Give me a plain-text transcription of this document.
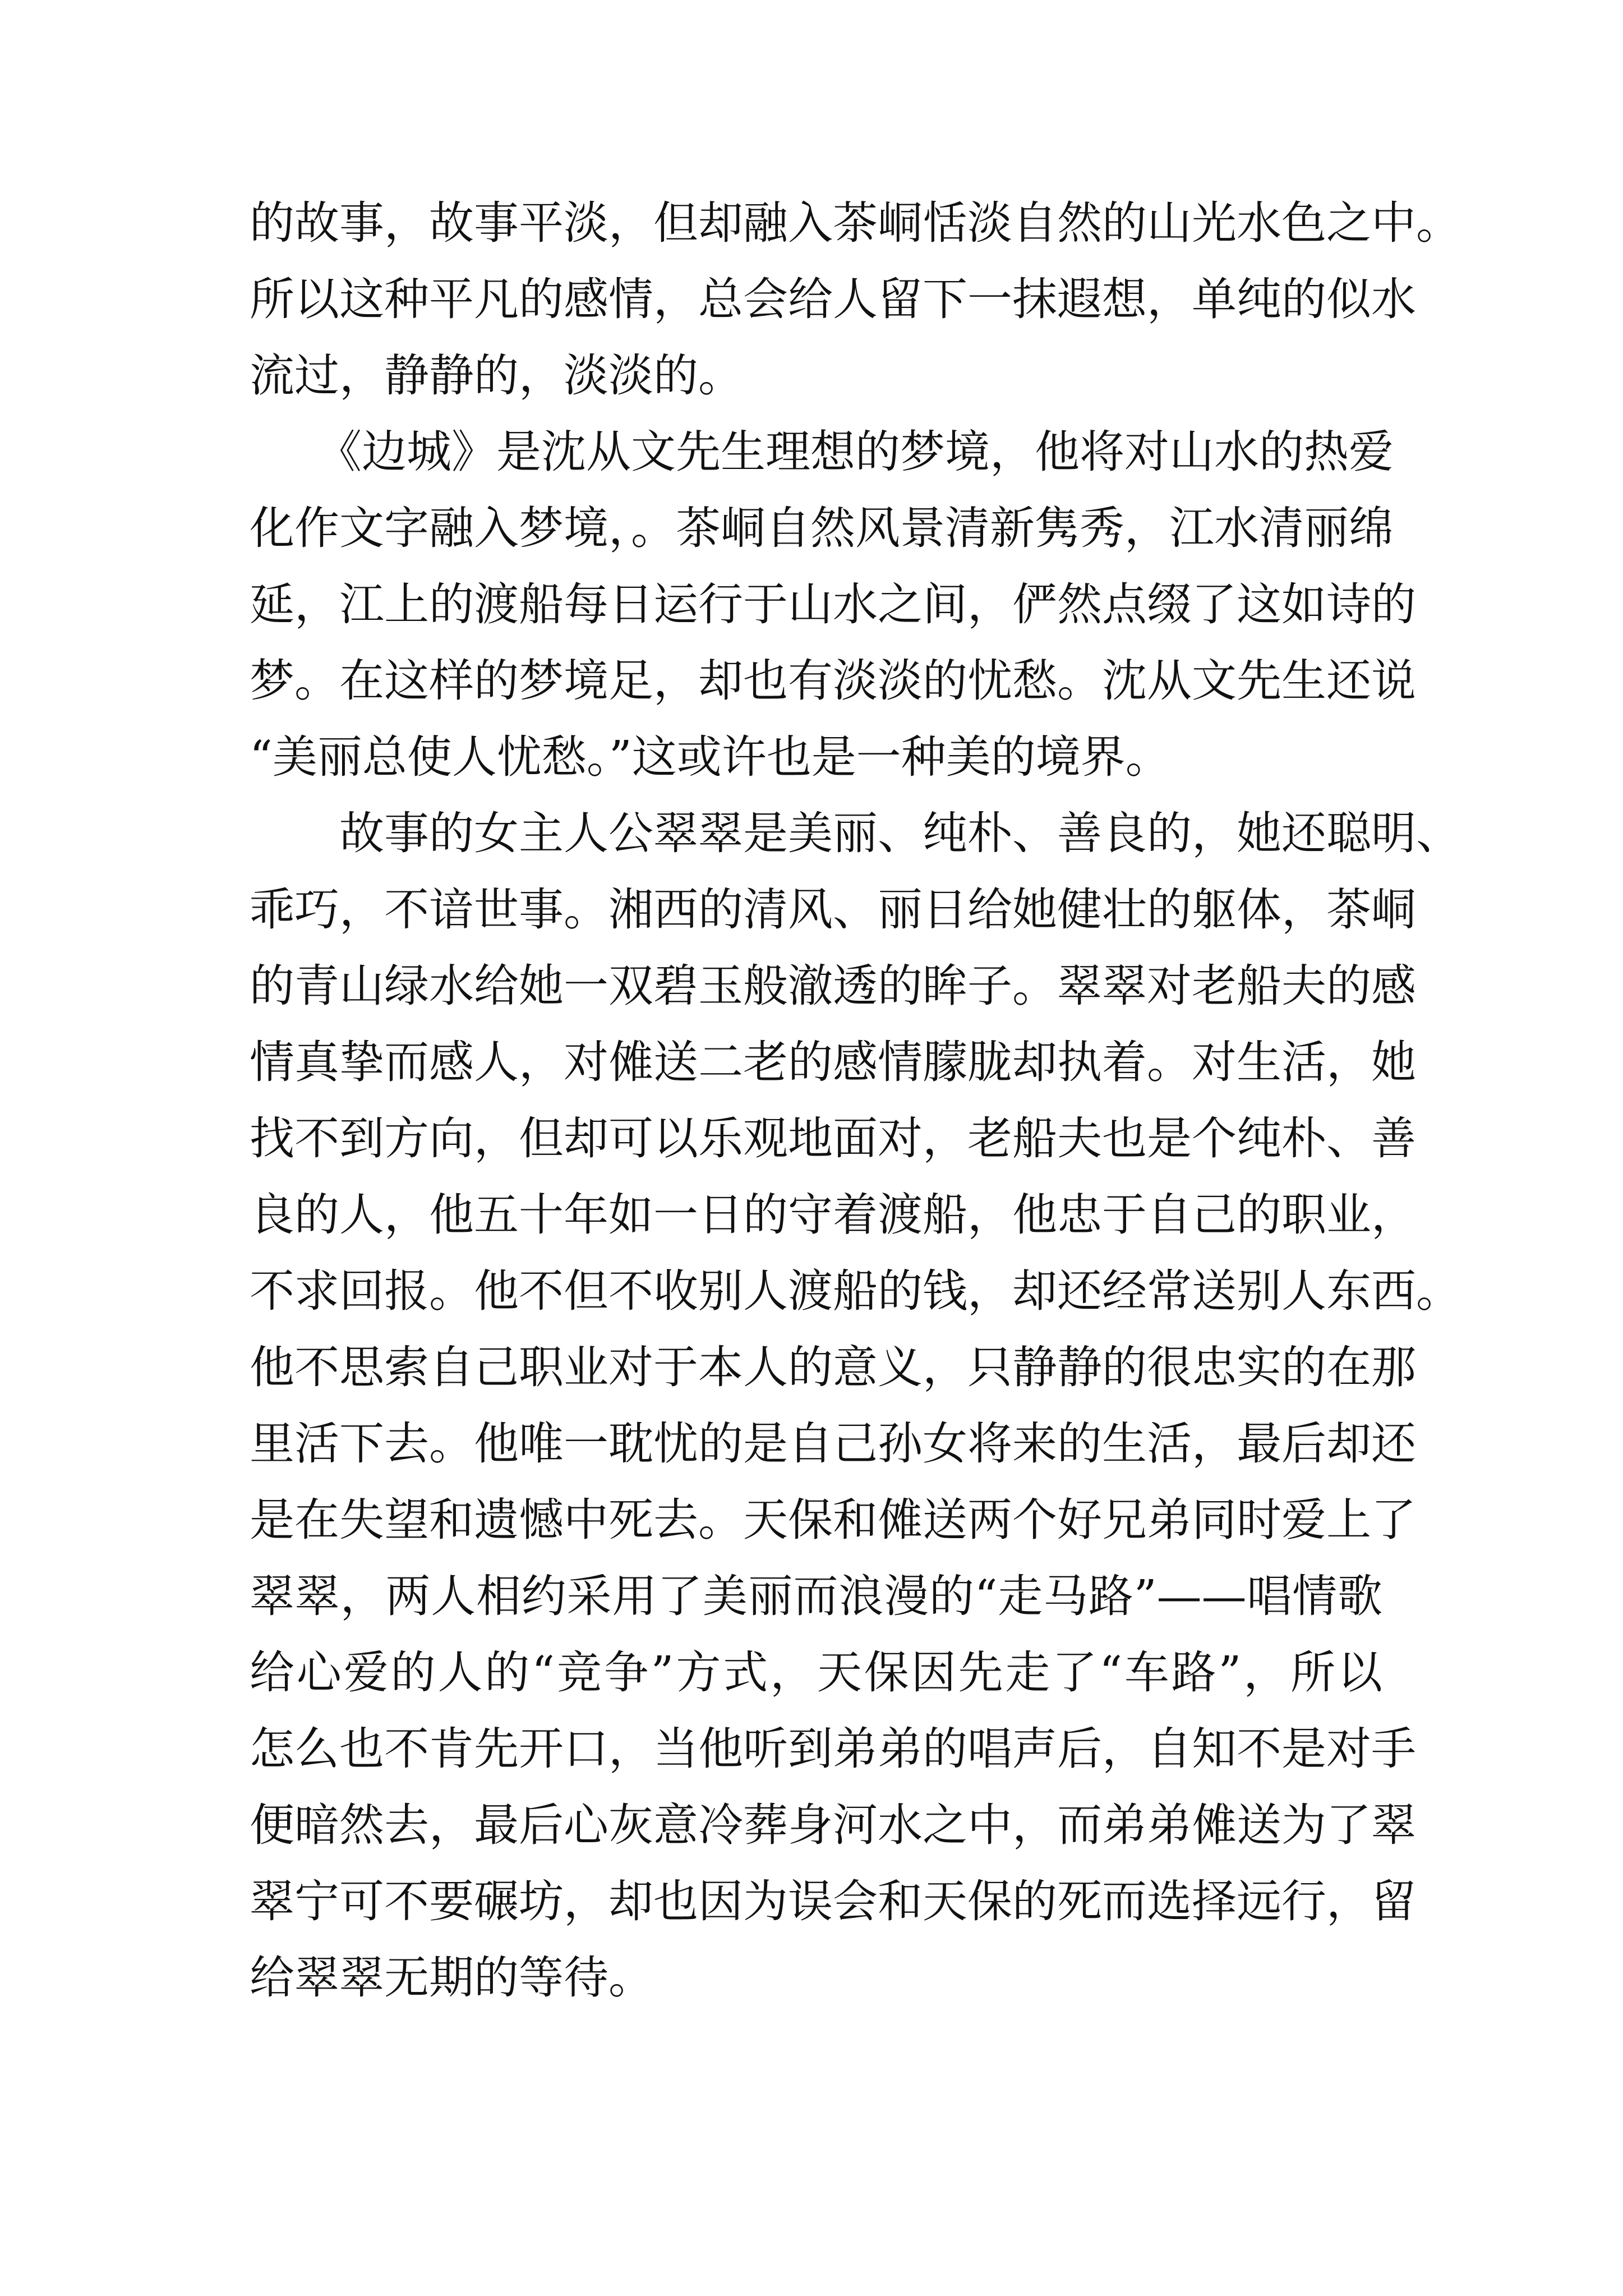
的故事，故事平淡，但却融入茶峒恬淡自然的山光水色之中。
所以这种平凡的感情，总会给人留下一抹遐想，单纯的似水
流过，静静的，淡淡的。
　　《边城》是沈从文先生理想的梦境，他将对山水的热爱
化作文字融入梦境，。茶峒自然风景清新隽秀，江水清丽绵
延，江上的渡船每日运行于山水之间，俨然点缀了这如诗的
梦。在这样的梦境足，却也有淡淡的忧愁。沈从文先生还说
“美丽总使人忧愁。”这或许也是一种美的境界。
　　故事的女主人公翠翠是美丽、纯朴、善良的，她还聪明、
乖巧，不谙世事。湘西的清风、丽日给她健壮的躯体，茶峒
的青山绿水给她一双碧玉般澈透的眸子。翠翠对老船夫的感
情真挚而感人，对傩送二老的感情朦胧却执着。对生活，她
找不到方向，但却可以乐观地面对，老船夫也是个纯朴、善
良的人，他五十年如一日的守着渡船，他忠于自己的职业，
不求回报。他不但不收别人渡船的钱，却还经常送别人东西。
他不思索自己职业对于本人的意义，只静静的很忠实的在那
里活下去。他唯一耽忧的是自己孙女将来的生活，最后却还
是在失望和遗憾中死去。天保和傩送两个好兄弟同时爱上了
翠翠，两人相约采用了美丽而浪漫的“走马路”——唱情歌
给心爱的人的“竞争”方式，天保因先走了“车路”，所以
怎么也不肯先开口，当他听到弟弟的唱声后，自知不是对手
便暗然去，最后心灰意冷葬身河水之中，而弟弟傩送为了翠
翠宁可不要碾坊，却也因为误会和天保的死而选择远行，留
给翠翠无期的等待。
